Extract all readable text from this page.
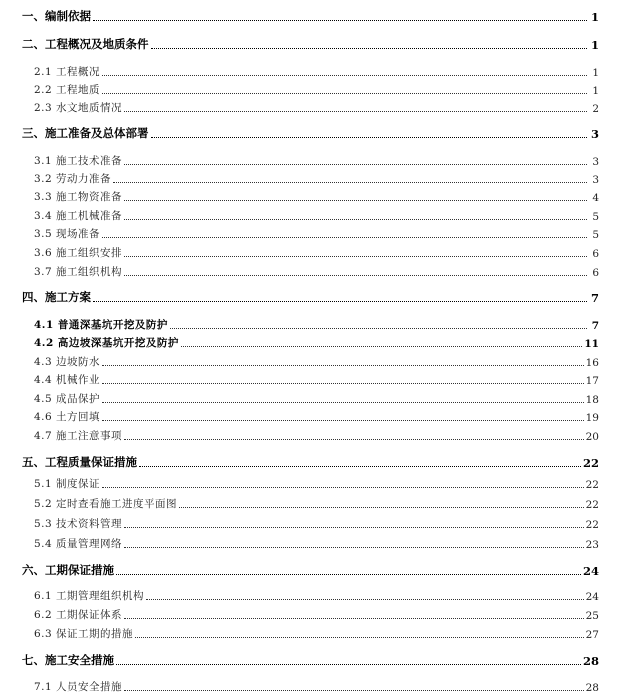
一、编制依据	1
二、工程概况及地质条件	1
2.1 工程概况	1
2.2 工程地质	1
2.3 水文地质情况	2
三、施工准备及总体部署	3
3.1 施工技术准备	3
3.2 劳动力准备	3
3.3 施工物资准备	4
3.4 施工机械准备	5
3.5 现场准备	5
3.6 施工组织安排	6
3.7 施工组织机构	6
四、施工方案	7
4.1 普通深基坑开挖及防护	7
4.2 高边坡深基坑开挖及防护	11
4.3 边坡防水	16
4.4 机械作业	17
4.5 成品保护	18
4.6 土方回填	19
4.7 施工注意事项	20
五、工程质量保证措施	22
5.1 制度保证	22
5.2 定时查看施工进度平面图	22
5.3 技术资料管理	22
5.4 质量管理网络	23
六、工期保证措施	24
6.1 工期管理组织机构	24
6.2 工期保证体系	25
6.3 保证工期的措施	27
七、施工安全措施	28
7.1 人员安全措施	28
